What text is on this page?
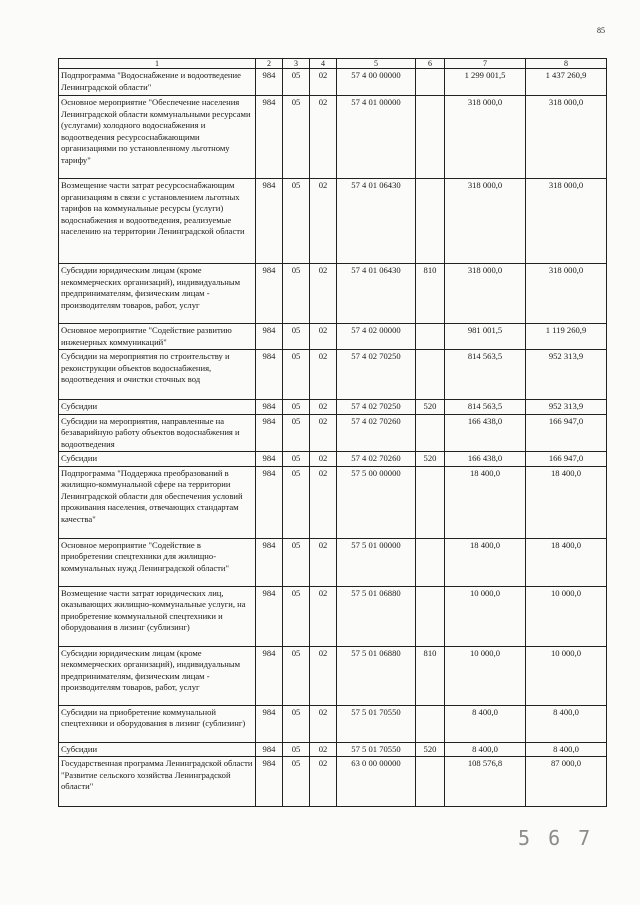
85
1	2	3	4	5	6	7	8
Подпрограмма "Водоснабжение и водоотведение Ленинградской области"	984	05	02	57 4 00 00000		1 299 001,5	1 437 260,9
Основное мероприятие "Обеспечение населения Ленинградской области коммунальными ресурсами (услугами) холодного водоснабжения и водоотведения ресурсоснабжающими организациями по установленному льготному тарифу"	984	05	02	57 4 01 00000		318 000,0	318 000,0
Возмещение части затрат ресурсоснабжающим организациям в связи с установлением льготных тарифов на коммунальные ресурсы (услуги) водоснабжения и водоотведения, реализуемые населению на территории Ленинградской области	984	05	02	57 4 01 06430		318 000,0	318 000,0
Субсидии юридическим лицам (кроме некоммерческих организаций), индивидуальным предпринимателям, физическим лицам - производителям товаров, работ, услуг	984	05	02	57 4 01 06430	810	318 000,0	318 000,0
Основное мероприятие "Содействие развитию инженерных коммуникаций"	984	05	02	57 4 02 00000		981 001,5	1 119 260,9
Субсидии на мероприятия по строительству и реконструкции объектов водоснабжения, водоотведения и очистки сточных вод	984	05	02	57 4 02 70250		814 563,5	952 313,9
Субсидии	984	05	02	57 4 02 70250	520	814 563,5	952 313,9
Субсидии на мероприятия, направленные на безаварийную работу объектов водоснабжения и водоотведения	984	05	02	57 4 02 70260		166 438,0	166 947,0
Субсидии	984	05	02	57 4 02 70260	520	166 438,0	166 947,0
Подпрограмма "Поддержка преобразований в жилищно-коммунальной сфере на территории Ленинградской области для обеспечения условий проживания населения, отвечающих стандартам качества"	984	05	02	57 5 00 00000		18 400,0	18 400,0
Основное мероприятие "Содействие в приобретении спецтехники для жилищно-коммунальных нужд Ленинградской области"	984	05	02	57 5 01 00000		18 400,0	18 400,0
Возмещение части затрат юридических лиц, оказывающих жилищно-коммунальные услуги, на приобретение коммунальной спецтехники и оборудования в лизинг (сублизинг)	984	05	02	57 5 01 06880		10 000,0	10 000,0
Субсидии юридическим лицам (кроме некоммерческих организаций), индивидуальным предпринимателям, физическим лицам - производителям товаров, работ, услуг	984	05	02	57 5 01 06880	810	10 000,0	10 000,0
Субсидии на приобретение коммунальной спецтехники и оборудования в лизинг (сублизинг)	984	05	02	57 5 01 70550		8 400,0	8 400,0
Субсидии	984	05	02	57 5 01 70550	520	8 400,0	8 400,0
Государственная программа Ленинградской области "Развитие сельского хозяйства Ленинградской области"	984	05	02	63 0 00 00000		108 576,8	87 000,0
5 6 7
